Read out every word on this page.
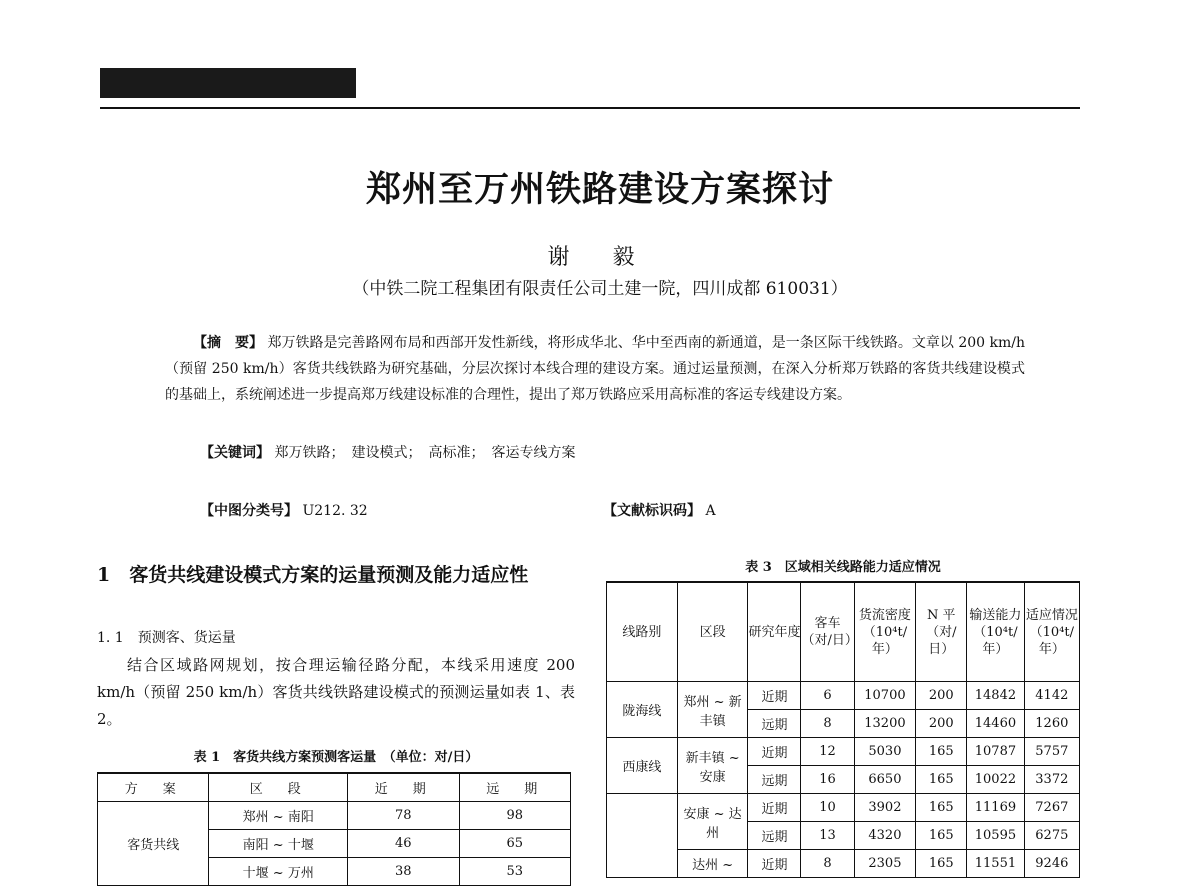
郑州至万州铁路建设方案探讨
谢 毅
（中铁二院工程集团有限责任公司土建一院，四川成都 610031）
【摘　要】 郑万铁路是完善路网布局和西部开发性新线，将形成华北、华中至西南的新通道，是一条区际干线铁路。文章以 200 km/h（预留 250 km/h）客货共线铁路为研究基础，分层次探讨本线合理的建设方案。通过运量预测，在深入分析郑万铁路的客货共线建设模式的基础上，系统阐述进一步提高郑万线建设标准的合理性，提出了郑万铁路应采用高标准的客运专线建设方案。
【关键词】 郑万铁路；　建设模式；　高标准；　客运专线方案
【中图分类号】 U212. 32	【文献标识码】 A
1　客货共线建设模式方案的运量预测及能力适应性
1. 1　预测客、货运量
结合区域路网规划，按合理运输径路分配，本线采用速度 200 km/h（预留 250 km/h）客货共线铁路建设模式的预测运量如表 1、表 2。
表 1　客货共线方案预测客运量　（单位：对/日）
方　案	区　段	近　期	远　期
客货共线	郑州 ~ 南阳	78	98
	南阳 ~ 十堰	46	65
	十堰 ~ 万州	38	53
表 3　区域相关线路能力适应情况
线路别	区段	研究年度	客车（对/日）	货流密度（10⁴t/年）	N 平（对/日）	输送能力（10⁴t/年）	适应情况（10⁴t/年）
陇海线	郑州 ~ 新丰镇	近期	6	10700	200	14842	4142
		远期	8	13200	200	14460	1260
西康线	新丰镇 ~ 安康	近期	12	5030	165	10787	5757
		远期	16	6650	165	10022	3372
	安康 ~ 达州	近期	10	3902	165	11169	7267
		远期	13	4320	165	10595	6275
	达州 ~	近期	8	2305	165	11551	9246
